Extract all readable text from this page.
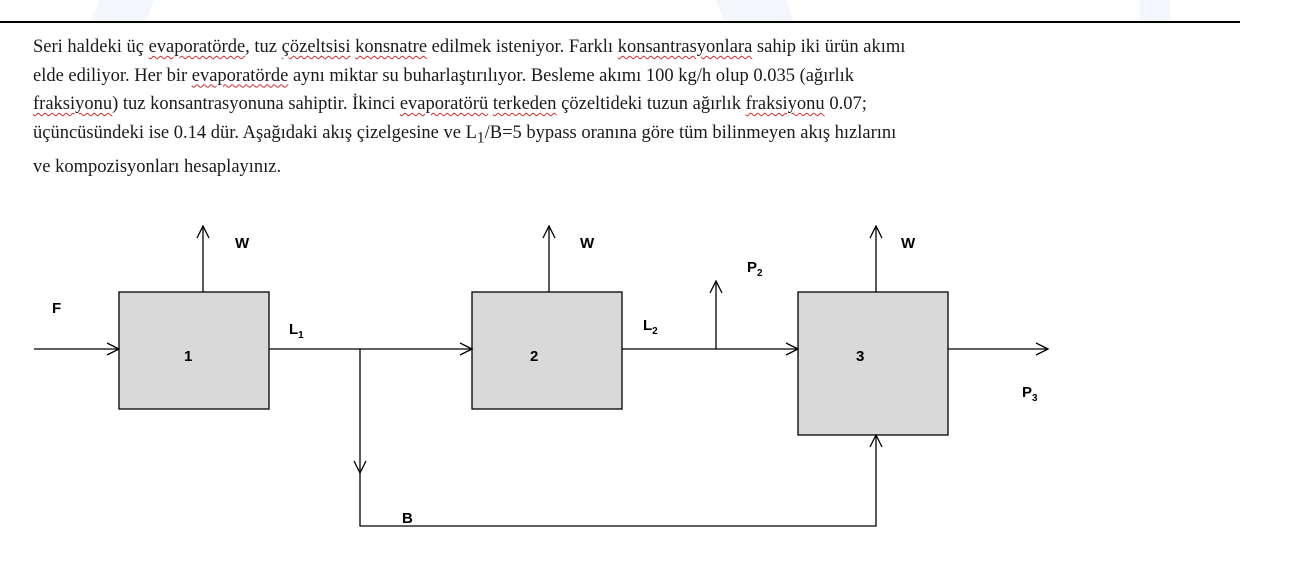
Seri haldeki üç evaporatörde, tuz çözeltsisi konsnatre edilmek isteniyor. Farklı konsantrasyonlara sahip iki ürün akımı
elde ediliyor. Her bir evaporatörde aynı miktar su buharlaştırılıyor. Besleme akımı 100 kg/h olup 0.035 (ağırlık
fraksiyonu) tuz konsantrasyonuna sahiptir. İkinci evaporatörü terkeden çözeltideki tuzun ağırlık fraksiyonu 0.07;
üçüncüsündeki ise 0.14 dür. Aşağıdaki akış çizelgesine ve $L_1/B=5$ bypass oranına göre tüm bilinmeyen akış hızlarını
ve kompozisyonları hesaplayınız.
F
W	W	W
1	2	3
$L_1$
$L_2$
$P_2$
$P_3$
B
